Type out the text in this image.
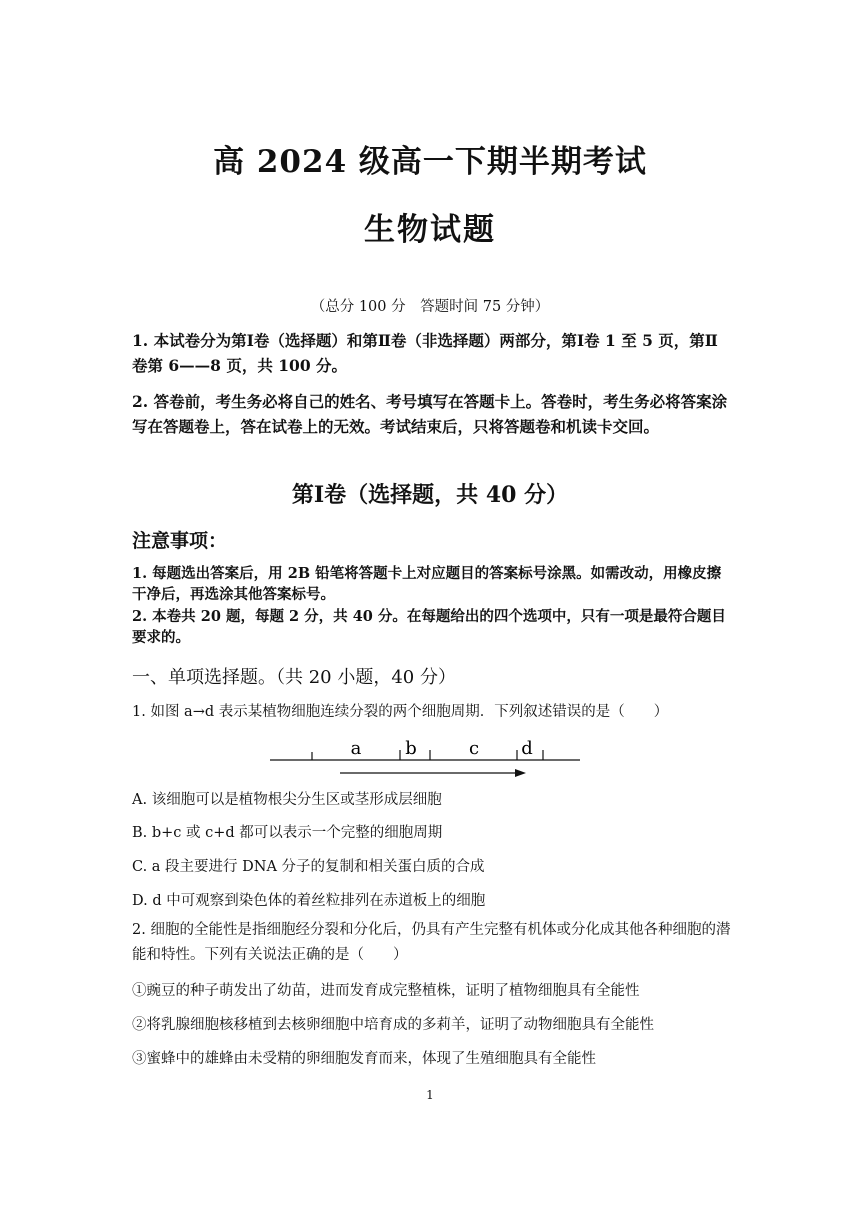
高 2024 级高一下期半期考试
生物试题
（总分 100 分　答题时间 75 分钟）
1. 本试卷分为第Ⅰ卷（选择题）和第Ⅱ卷（非选择题）两部分，第Ⅰ卷 1 至 5 页，第Ⅱ卷第 6——8 页，共 100 分。
2. 答卷前，考生务必将自己的姓名、考号填写在答题卡上。答卷时，考生务必将答案涂写在答题卷上，答在试卷上的无效。考试结束后，只将答题卷和机读卡交回。
第Ⅰ卷（选择题，共 40 分）
注意事项：
1. 每题选出答案后，用 2B 铅笔将答题卡上对应题目的答案标号涂黑。如需改动，用橡皮擦干净后，再选涂其他答案标号。
2. 本卷共 20 题，每题 2 分，共 40 分。在每题给出的四个选项中，只有一项是最符合题目要求的。
一、单项选择题。（共 20 小题，40 分）
1. 如图 a→d 表示某植物细胞连续分裂的两个细胞周期．下列叙述错误的是（　　）
a b	c d
A. 该细胞可以是植物根尖分生区或茎形成层细胞
B. b+c 或 c+d 都可以表示一个完整的细胞周期
C. a 段主要进行 DNA 分子的复制和相关蛋白质的合成
D. d 中可观察到染色体的着丝粒排列在赤道板上的细胞
2. 细胞的全能性是指细胞经分裂和分化后，仍具有产生完整有机体或分化成其他各种细胞的潜能和特性。下列有关说法正确的是（　　）
①豌豆的种子萌发出了幼苗，进而发育成完整植株，证明了植物细胞具有全能性
②将乳腺细胞核移植到去核卵细胞中培育成的多莉羊，证明了动物细胞具有全能性
③蜜蜂中的雄蜂由未受精的卵细胞发育而来，体现了生殖细胞具有全能性
1
